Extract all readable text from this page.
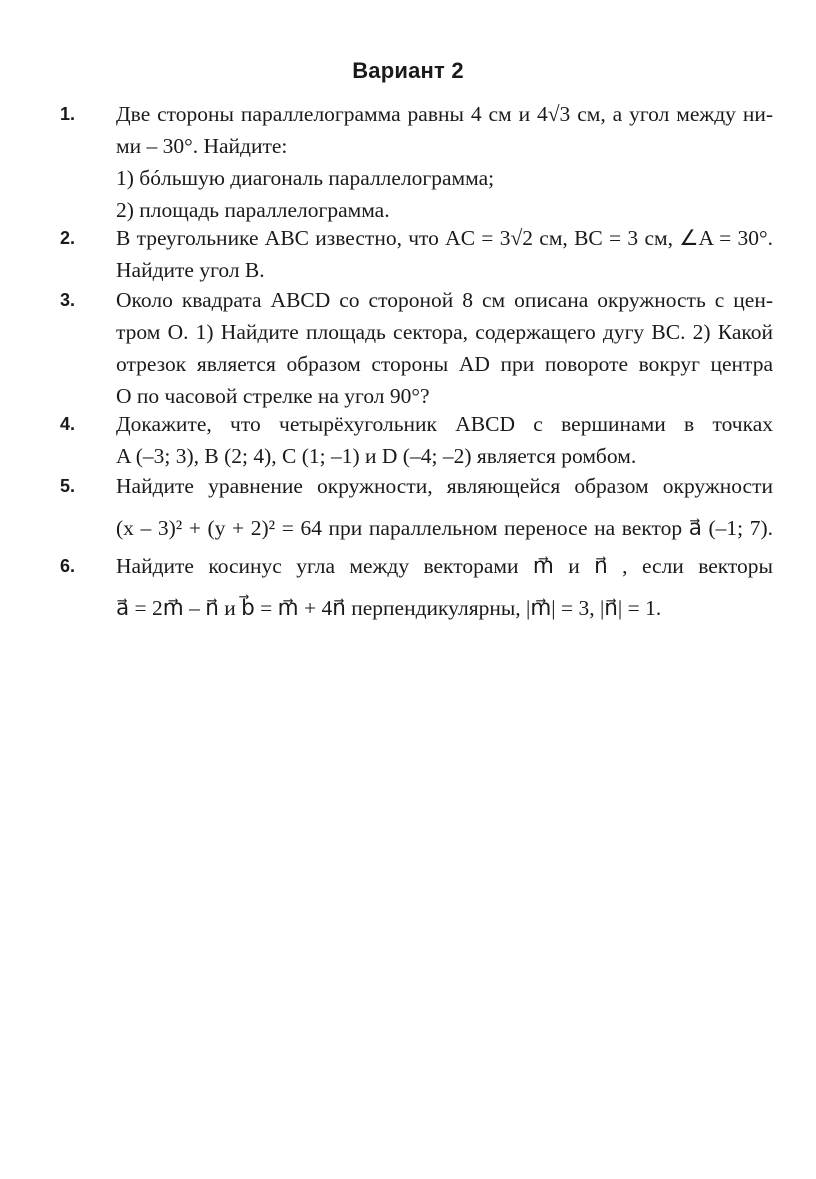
Вариант 2
1. Две стороны параллелограмма равны 4 см и 4√3 см, а угол между ни-
ми – 30°. Найдите:
1) бóльшую диагональ параллелограмма;
2) площадь параллелограмма.
2. В треугольнике ABC известно, что AC = 3√2 см, BC = 3 см, ∠A = 30°.
Найдите угол B.
3. Около квадрата ABCD со стороной 8 см описана окружность с цен-
тром O. 1) Найдите площадь сектора, содержащего дугу BC. 2) Какой
отрезок является образом стороны AD при повороте вокруг центра
O по часовой стрелке на угол 90°?
4. Докажите, что четырёхугольник ABCD с вершинами в точках
A (–3; 3), B (2; 4), C (1; –1) и D (–4; –2) является ромбом.
5. Найдите уравнение окружности, являющейся образом окружности
(x – 3)² + (y + 2)² = 64 при параллельном переносе на вектор a⃗ (–1; 7).
6. Найдите косинус угла между векторами m⃗ и n⃗ , если векторы
a⃗ = 2m⃗ – n⃗ и b⃗ = m⃗ + 4n⃗ перпендикулярны, |m⃗| = 3, |n⃗| = 1.
